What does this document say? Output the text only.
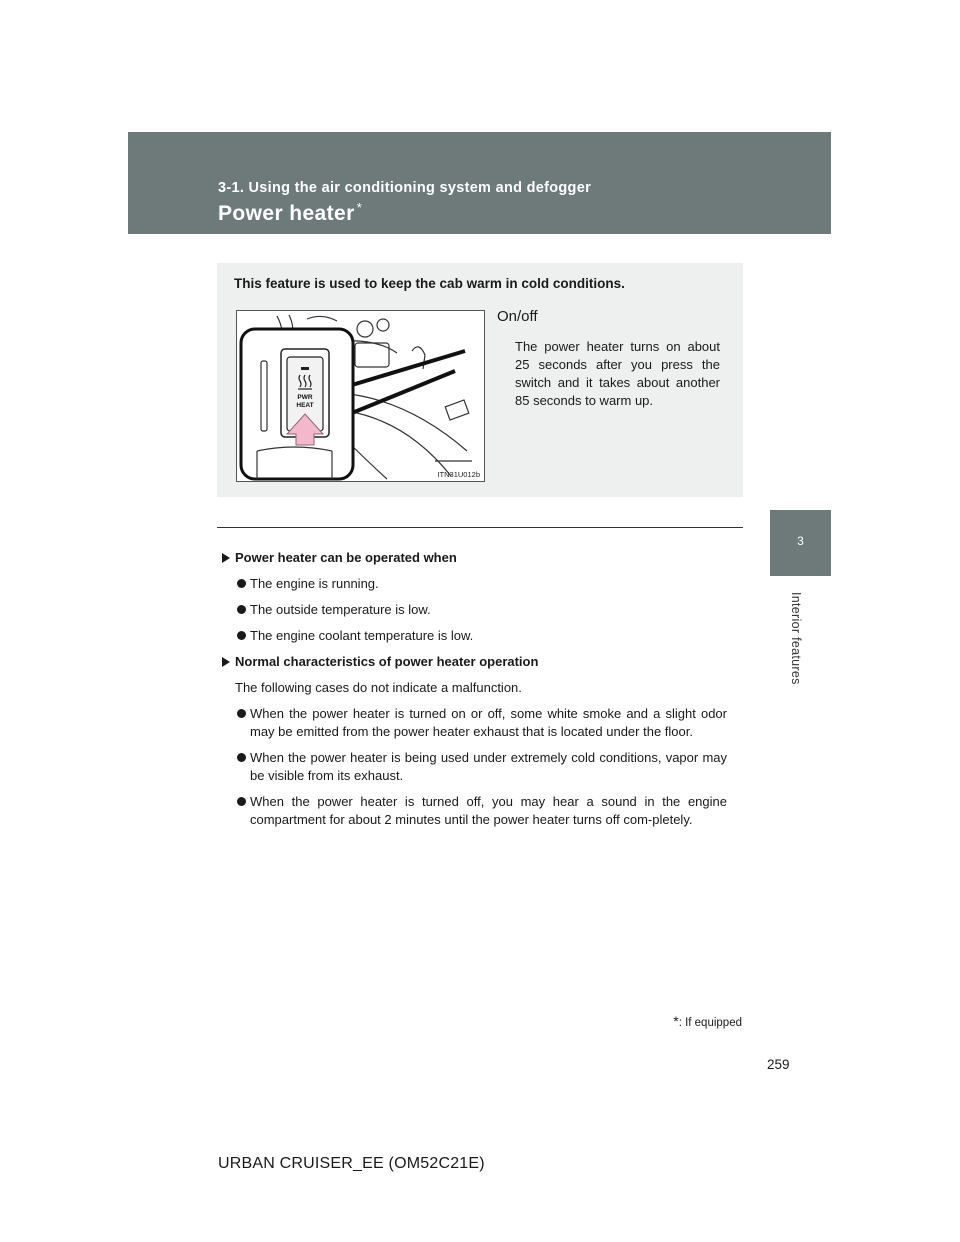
3-1. Using the air conditioning system and defogger
Power heater *
3
Interior features
This feature is used to keep the cab warm in cold conditions.
PWR
HEAT
ITN31U012b
On/off
The power heater turns on about 25 seconds after you press the switch and it takes about another 85 seconds to warm up.
Power heater can be operated when
The engine is running.
The outside temperature is low.
The engine coolant temperature is low.
Normal characteristics of power heater operation
The following cases do not indicate a malfunction.
When the power heater is turned on or off, some white smoke and a slight odor may be emitted from the power heater exhaust that is located under the floor.
When the power heater is being used under extremely cold conditions, vapor may be visible from its exhaust.
When the power heater is turned off, you may hear a sound in the engine compartment for about 2 minutes until the power heater turns off com-pletely.
*: If equipped
259
URBAN CRUISER_EE (OM52C21E)
